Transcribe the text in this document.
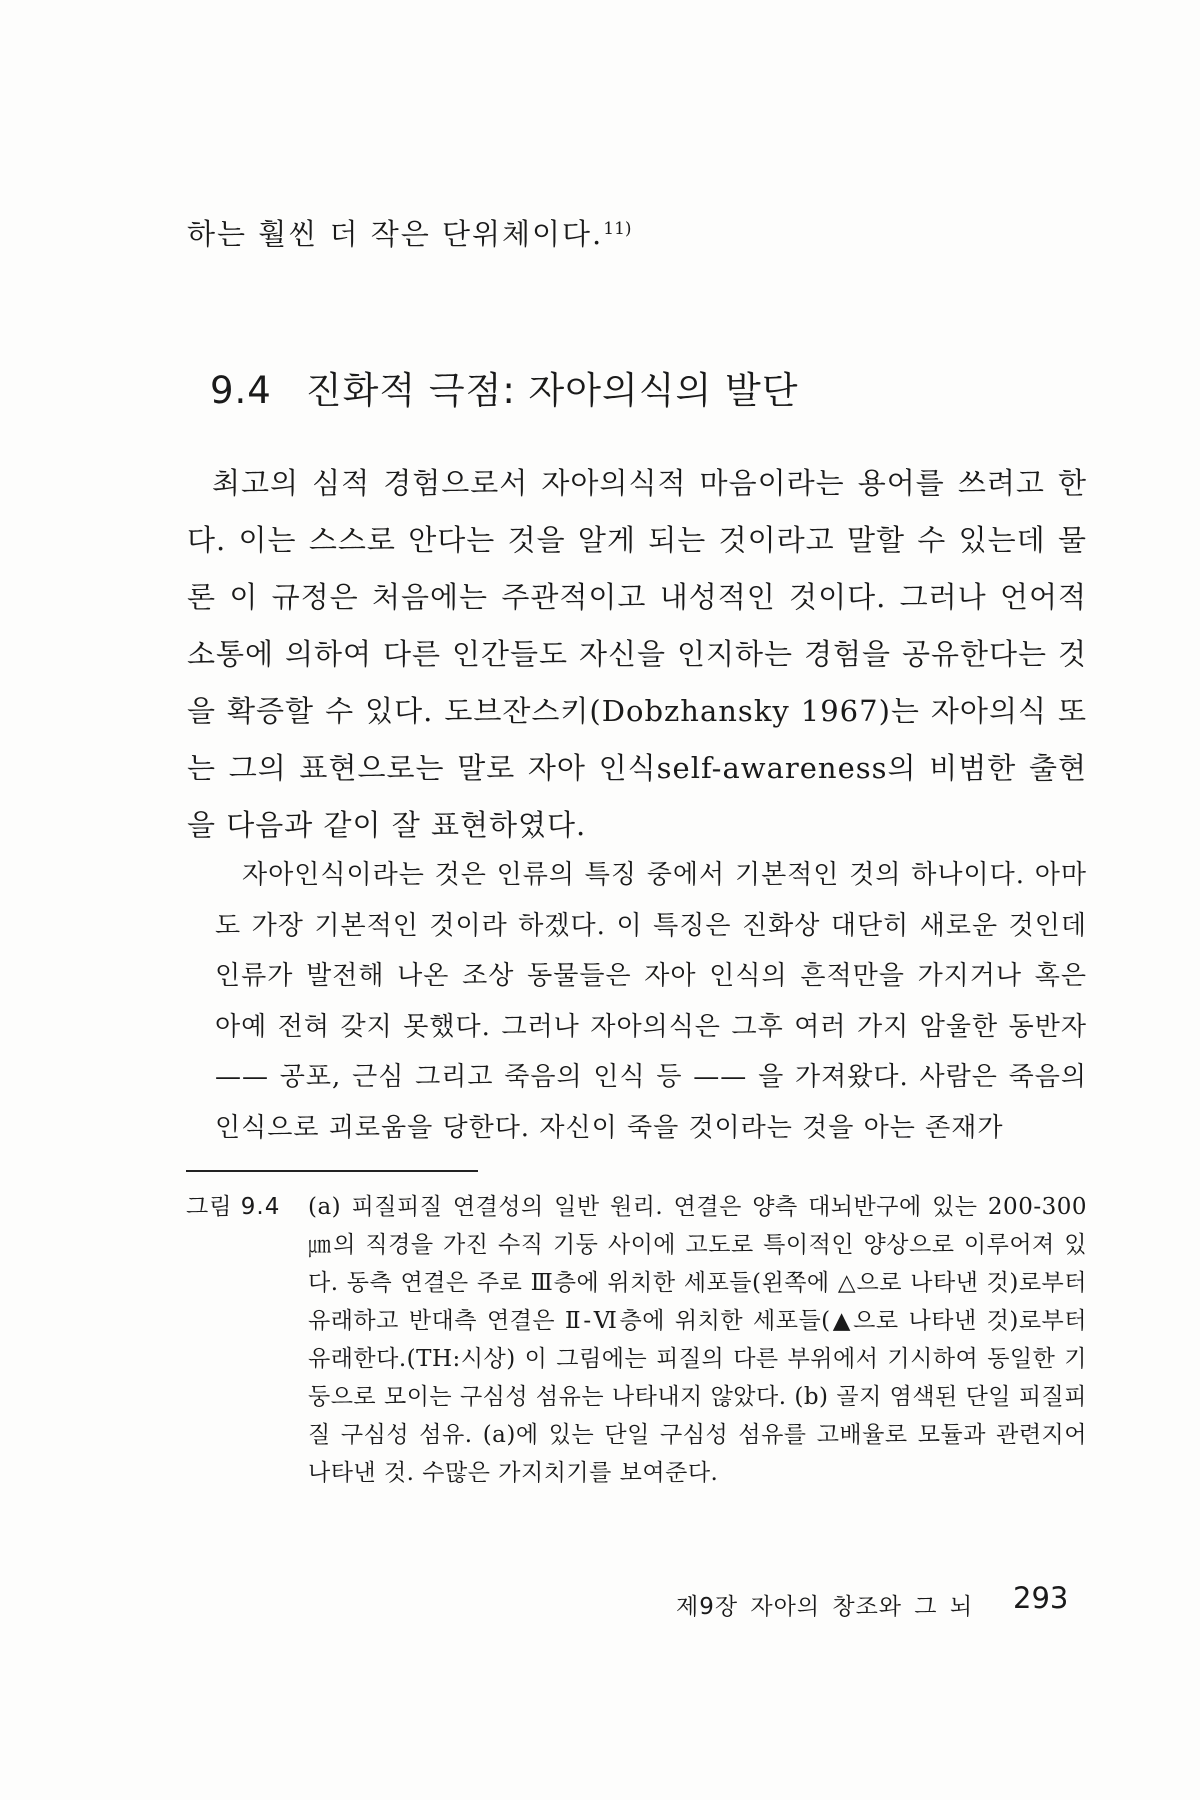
하는 훨씬 더 작은 단위체이다.$^{11)}$
9.4 진화적 극점: 자아의식의 발단

최고의 심적 경험으로서 자아의식적 마음이라는 용어를 쓰려고 한다. 이는 스스로 안다는 것을 알게 되는 것이라고 말할 수 있는데 물론 이 규정은 처음에는 주관적이고 내성적인 것이다. 그러나 언어적 소통에 의하여 다른 인간들도 자신을 인지하는 경험을 공유한다는 것을 확증할 수 있다. 도브잔스키(Dobzhansky 1967)는 자아의식 또는 그의 표현으로는 말로 자아 인식self-awareness의 비범한 출현을 다음과 같이 잘 표현하였다.

자아인식이라는 것은 인류의 특징 중에서 기본적인 것의 하나이다. 아마도 가장 기본적인 것이라 하겠다. 이 특징은 진화상 대단히 새로운 것인데 인류가 발전해 나온 조상 동물들은 자아 인식의 흔적만을 가지거나 혹은 아예 전혀 갖지 못했다. 그러나 자아의식은 그후 여러 가지 암울한 동반자 —— 공포, 근심 그리고 죽음의 인식 등 —— 을 가져왔다. 사람은 죽음의 인식으로 괴로움을 당한다. 자신이 죽을 것이라는 것을 아는 존재가

그림 9.4 (a) 피질피질 연결성의 일반 원리. 연결은 양측 대뇌반구에 있는 200-300 ㎛의 직경을 가진 수직 기둥 사이에 고도로 특이적인 양상으로 이루어져 있다. 동측 연결은 주로 Ⅲ층에 위치한 세포들(왼쪽에 △으로 나타낸 것)로부터 유래하고 반대측 연결은 Ⅱ-Ⅵ층에 위치한 세포들(▲으로 나타낸 것)로부터 유래한다.(TH:시상) 이 그림에는 피질의 다른 부위에서 기시하여 동일한 기둥으로 모이는 구심성 섬유는 나타내지 않았다. (b) 골지 염색된 단일 피질피질 구심성 섬유. (a)에 있는 단일 구심성 섬유를 고배율로 모듈과 관련지어 나타낸 것. 수많은 가지치기를 보여준다.

제9장 자아의 창조와 그 뇌 293
